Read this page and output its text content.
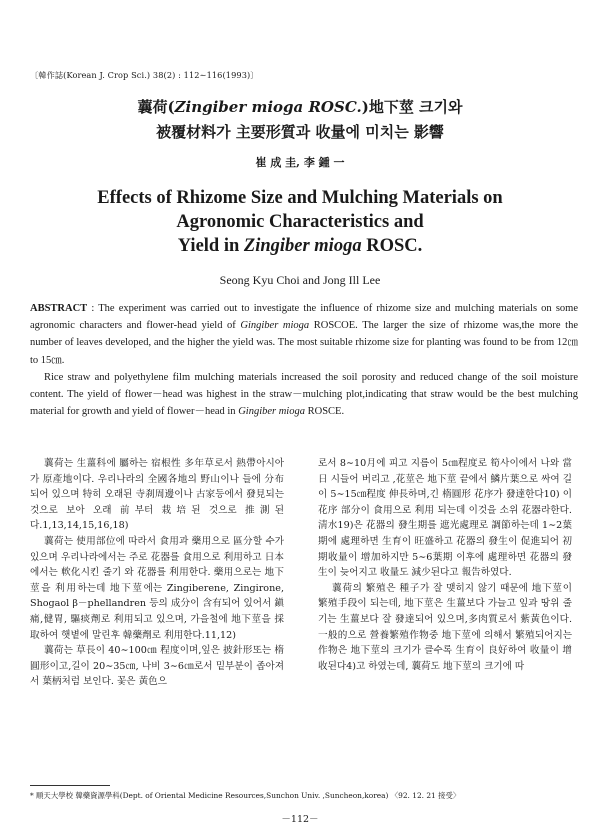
〔韓作誌(Korean J. Crop Sci.) 38(2) : 112∼116(1993)〕
蘘荷(Zingiber mioga ROSC.)地下莖 크기와
被覆材料가 主要形質과 收量에 미치는 影響
崔 成 圭, 李 鍾 一
Effects of Rhizome Size and Mulching Materials on
Agronomic Characteristics and
Yield in Zingiber mioga ROSC.
Seong Kyu Choi and Jong Ill Lee

ABSTRACT : The experiment was carried out to investigate the influence of rhizome size and mulching materials on some agronomic characters and flower-head yield of Gingiber mioga ROSCOE. The larger the size of rhizome was,the more the number of leaves developed, and the higher the yield was. The most suitable rhizome size for planting was found to be from 12㎝ to 15㎝.

Rice straw and polyethylene film mulching materials increased the soil porosity and reduced change of the soil moisture content. The yield of flower－head was highest in the straw－mulching plot,indicating that straw would be the best mulching material for growth and yield of flower－head in Gingiber mioga ROSCE.

蘘荷는 生薑科에 屬하는 宿根性 多年草로서 熱帶아시아가 原產地이다. 우리나라의 全國各地의 野山이나 들에 分布되어 있으며 特히 오래된 寺刹周邊이나 古家등에서 發見되는 것으로 보아 오래 前부터 栽培된 것으로 推測된다.1,13,14,15,16,18)

蘘荷는 使用部位에 따라서 食用과 藥用으로 區分할 수가 있으며 우리나라에서는 주로 花器를 食用으로 利用하고 日本에서는 軟化시킨 줄기 와 花器를 利用한다. 藥用으로는 地下莖을 利用하는데 地下莖에는 Zingiberene, Zingirone, Shogaol β－phellandren 등의 成分이 含有되어 있어서 鎭痛,健胃, 驅痰劑로 利用되고 있으며, 가을철에 地下莖을 採取하여 햇볕에 말린후 韓藥劑로 利用한다.11,12)

蘘荷는 草長이 40∼100㎝ 程度이며,잎은 披針形또는 楕圓形이고,길이 20∼35㎝, 나비 3∼6㎝로서 밑부분이 좁아져서 葉柄처럼 보인다. 꽃은 黃色으

로서 8∼10月에 피고 지름이 5㎝程度로 筍사이에서 나와 當日 시들어 버리고 ,花莖은 地下莖 끝에서 鱗片葉으로 싸여 길이 5∼15㎝程度 伸長하며,긴 楕圓形 花序가 發達한다10) 이 花序 部分이 食用으로 利用 되는데 이것을 소위 花器라한다. 淸水19)은 花器의 發生期를 遮光處理로 調節하는데 1∼2葉期에 處理하면 生育이 旺盛하고 花器의 發生이 促進되어 初期收量이 增加하지만 5∼6葉期 이후에 處理하면 花器의 發生이 늦어지고 收量도 減少된다고 報告하였다.

蘘荷의 繁殖은 種子가 잘 맺히지 않기 때문에 地下莖이 繁殖手段이 되는데, 地下莖은 生薑보다 가늘고 잎과 땅위 줄기는 生薑보다 잘 發達되어 있으며,多肉質로서 紫黃色이다. 一般的으로 營養繁殖作物중 地下莖에 의해서 繁殖되어지는 作物은 地下莖의 크기가 클수록 生育이 良好하여 收量이 增收된다4)고 하였는데, 蘘荷도 地下莖의 크기에 따

* 順天大學校 韓藥資源學科(Dept. of Oriental Medicine Resources,Sunchon Univ. ,Suncheon,korea) 〈92. 12. 21 接受〉
－112－
